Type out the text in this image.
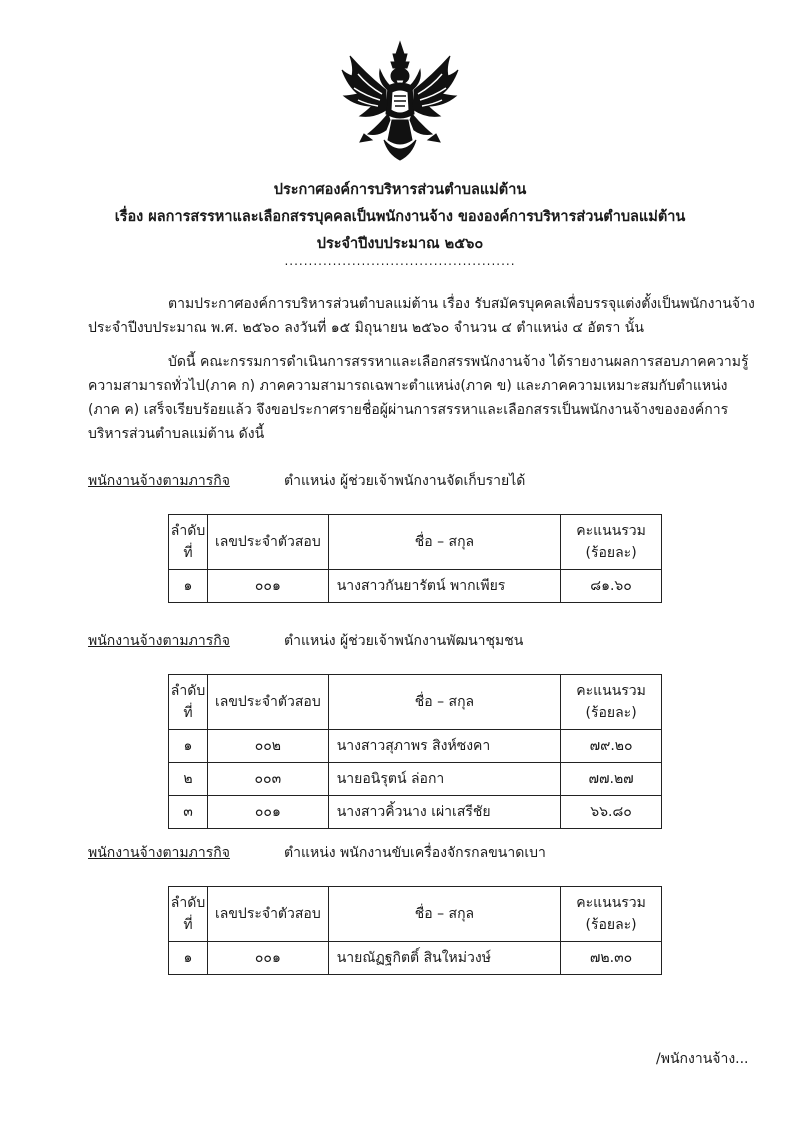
ประกาศองค์การบริหารส่วนตำบลแม่ต้าน
เรื่อง ผลการสรรหาและเลือกสรรบุคคลเป็นพนักงานจ้าง ขององค์การบริหารส่วนตำบลแม่ต้าน
ประจำปีงบประมาณ ๒๕๖๐
................................................
ตามประกาศองค์การบริหารส่วนตำบลแม่ต้าน เรื่อง รับสมัครบุคคลเพื่อบรรจุแต่งตั้งเป็นพนักงานจ้าง
ประจำปีงบประมาณ พ.ศ. ๒๕๖๐ ลงวันที่ ๑๕ มิถุนายน ๒๕๖๐ จำนวน ๔ ตำแหน่ง ๔ อัตรา นั้น
บัดนี้ คณะกรรมการดำเนินการสรรหาและเลือกสรรพนักงานจ้าง ได้รายงานผลการสอบภาคความรู้
ความสามารถทั่วไป(ภาค ก) ภาคความสามารถเฉพาะตำแหน่ง(ภาค ข) และภาคความเหมาะสมกับตำแหน่ง
(ภาค ค) เสร็จเรียบร้อยแล้ว จึงขอประกาศรายชื่อผู้ผ่านการสรรหาและเลือกสรรเป็นพนักงานจ้างขององค์การ
บริหารส่วนตำบลแม่ต้าน ดังนี้
พนักงานจ้างตามภารกิจ	ตำแหน่ง ผู้ช่วยเจ้าพนักงานจัดเก็บรายได้
ลำดับ
ที่	เลขประจำตัวสอบ	ชื่อ – สกุล	คะแนนรวม
(ร้อยละ)
๑	๐๐๑	นางสาวกันยารัตน์ พากเพียร	๘๑.๖๐
พนักงานจ้างตามภารกิจ	ตำแหน่ง ผู้ช่วยเจ้าพนักงานพัฒนาชุมชน
ลำดับ
ที่	เลขประจำตัวสอบ	ชื่อ – สกุล	คะแนนรวม
(ร้อยละ)
๑	๐๐๒	นางสาวสุภาพร สิงห์ซงคา	๗๙.๒๐
๒	๐๐๓	นายอนิรุตน์ ล่อกา	๗๗.๒๗
๓	๐๐๑	นางสาวคิ้วนาง เผ่าเสรีชัย	๖๖.๘๐
พนักงานจ้างตามภารกิจ	ตำแหน่ง พนักงานขับเครื่องจักรกลขนาดเบา
ลำดับ
ที่	เลขประจำตัวสอบ	ชื่อ – สกุล	คะแนนรวม
(ร้อยละ)
๑	๐๐๑	นายณัฏฐกิตติ์ สินใหม่วงษ์	๗๒.๓๐
/พนักงานจ้าง...
